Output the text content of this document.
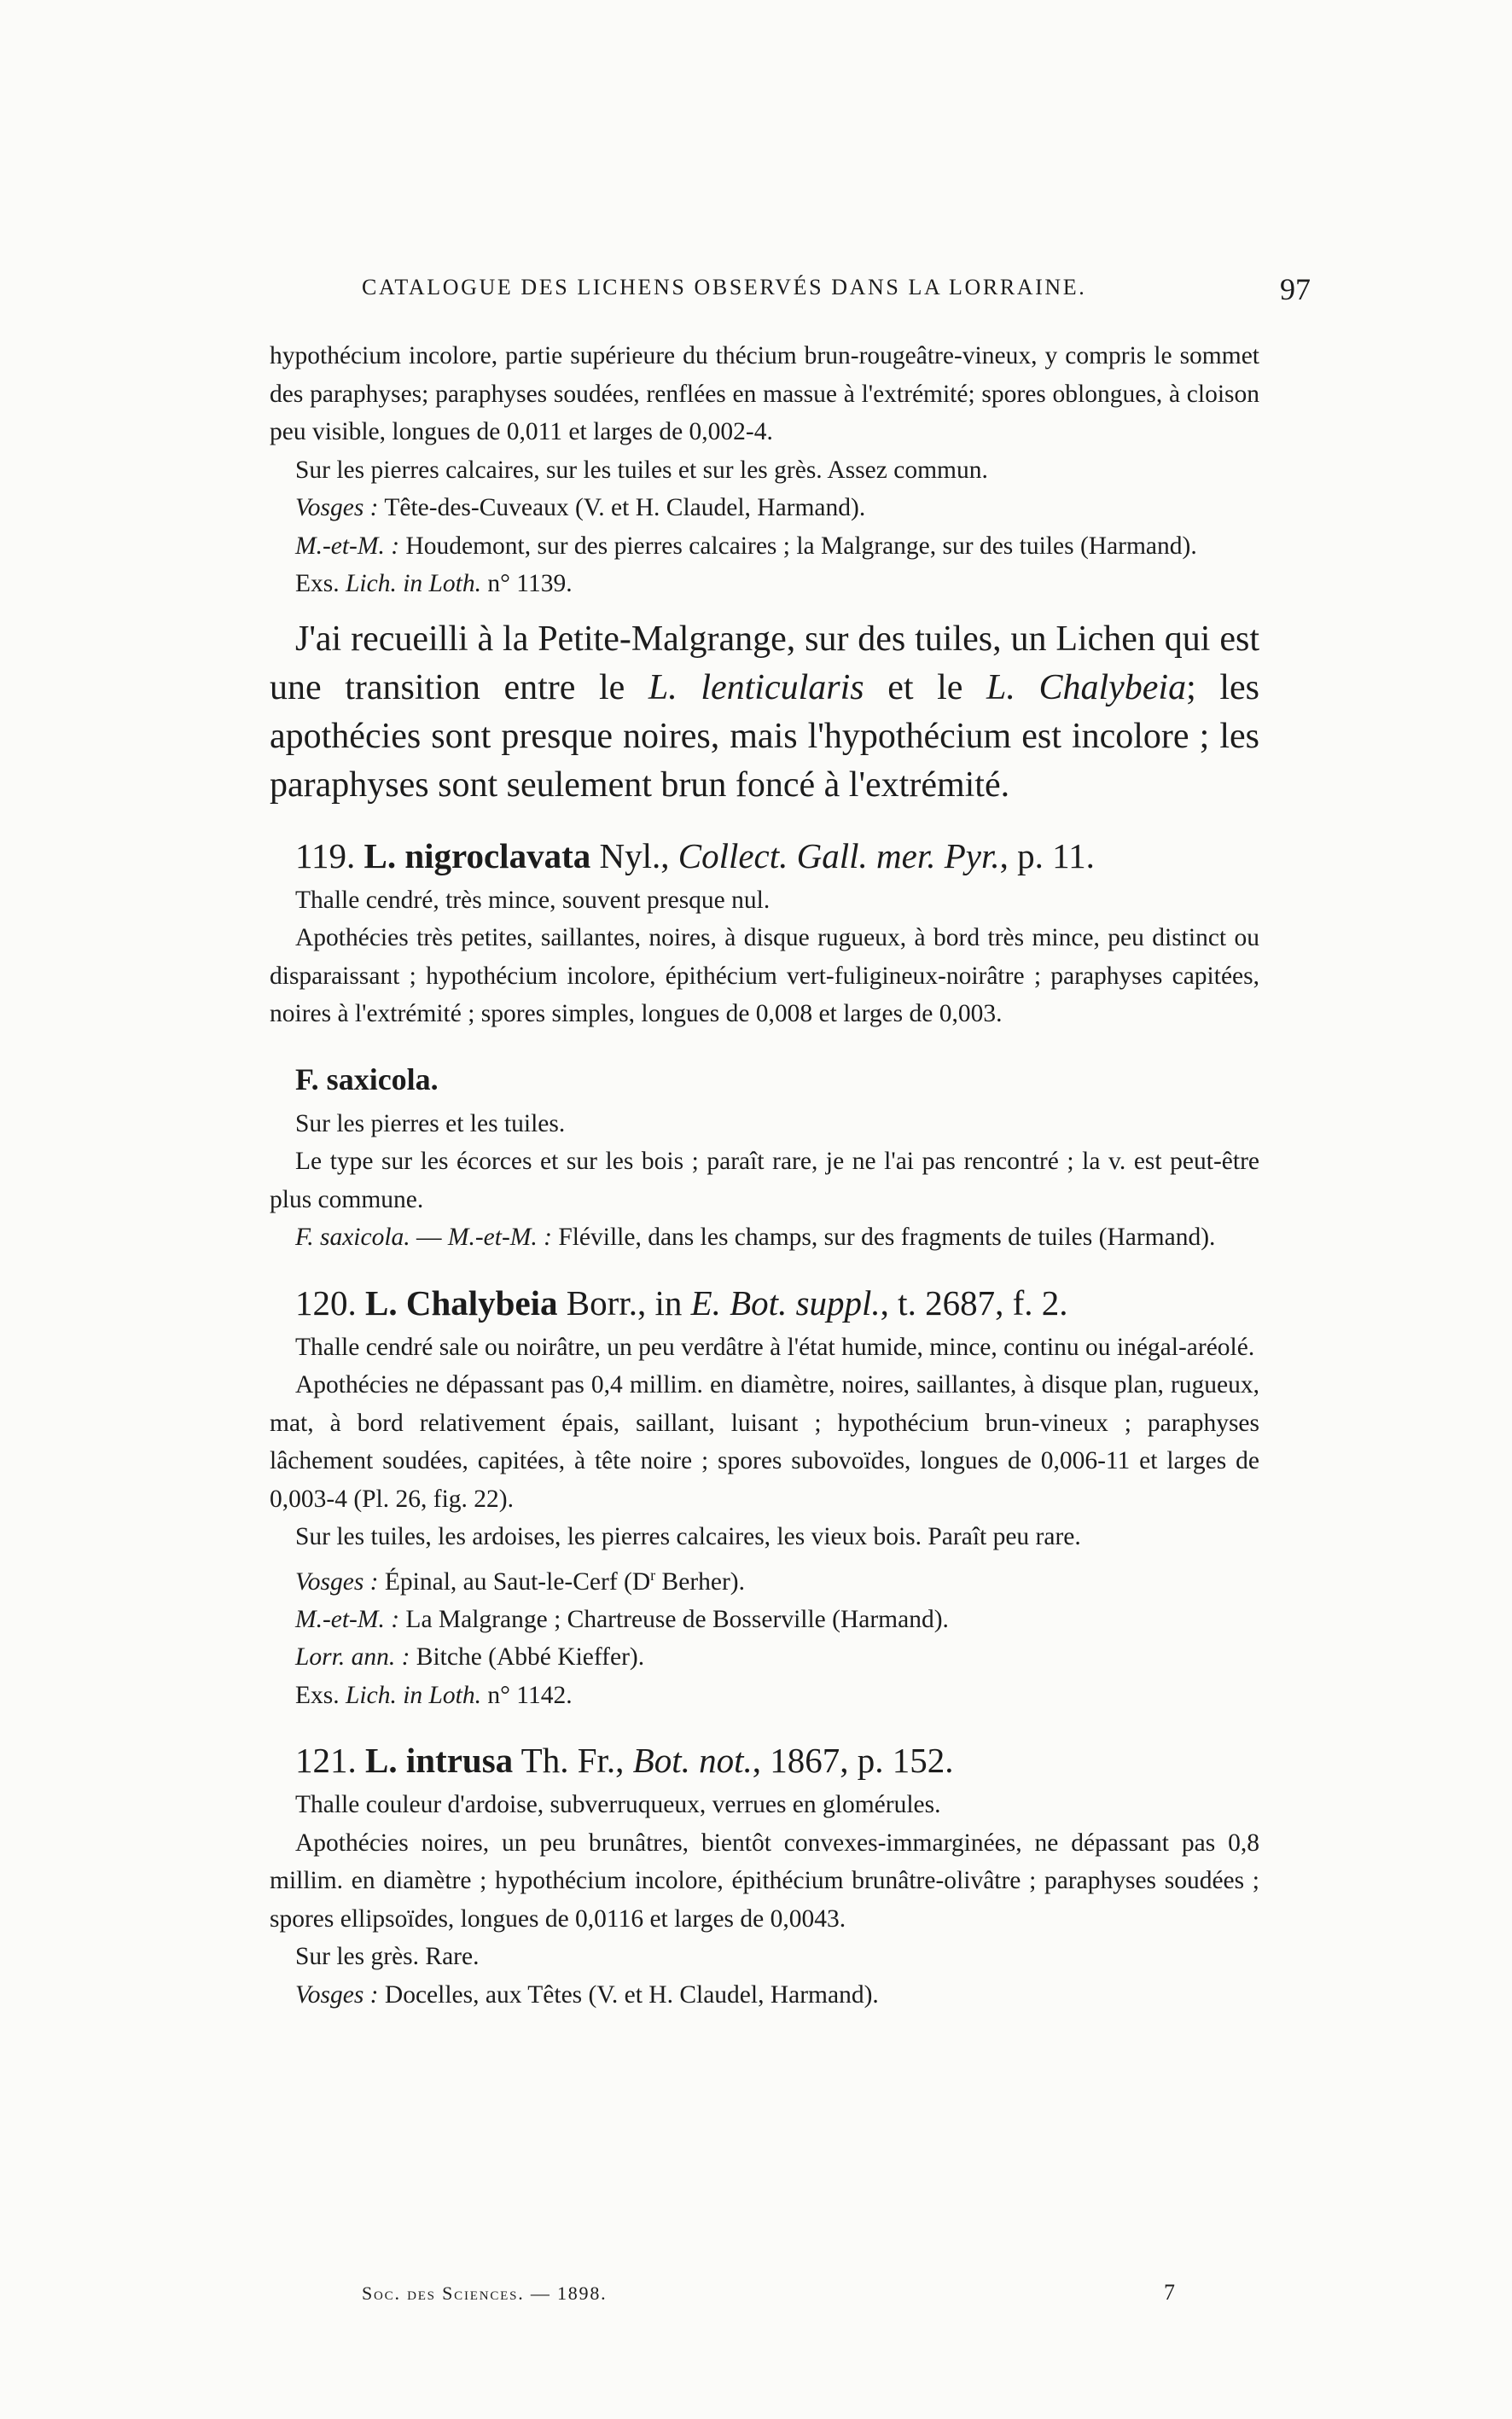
CATALOGUE DES LICHENS OBSERVÉS DANS LA LORRAINE.	97

hypothécium incolore, partie supérieure du thécium brun-rougeâtre-vineux, y compris le sommet des paraphyses; paraphyses soudées, renflées en massue à l'extrémité; spores oblongues, à cloison peu visible, longues de 0,011 et larges de 0,002-4.

Sur les pierres calcaires, sur les tuiles et sur les grès. Assez commun.

Vosges : Tête-des-Cuveaux (V. et H. Claudel, Harmand).

M.-et-M. : Houdemont, sur des pierres calcaires ; la Malgrange, sur des tuiles (Harmand).

Exs. Lich. in Loth. n° 1139.

J'ai recueilli à la Petite-Malgrange, sur des tuiles, un Lichen qui est une transition entre le L. lenticularis et le L. Chalybeia; les apothécies sont presque noires, mais l'hypothécium est incolore ; les paraphyses sont seulement brun foncé à l'extrémité.

119. L. nigroclavata Nyl., Collect. Gall. mer. Pyr., p. 11.

Thalle cendré, très mince, souvent presque nul.

Apothécies très petites, saillantes, noires, à disque rugueux, à bord très mince, peu distinct ou disparaissant ; hypothécium incolore, épithécium vert-fuligineux-noirâtre ; paraphyses capitées, noires à l'extrémité ; spores simples, longues de 0,008 et larges de 0,003.

F. saxicola.

Sur les pierres et les tuiles.

Le type sur les écorces et sur les bois ; paraît rare, je ne l'ai pas rencontré ; la v. est peut-être plus commune.

F. saxicola. — M.-et-M. : Fléville, dans les champs, sur des fragments de tuiles (Harmand).

120. L. Chalybeia Borr., in E. Bot. suppl., t. 2687, f. 2.

Thalle cendré sale ou noirâtre, un peu verdâtre à l'état humide, mince, continu ou inégal-aréolé.

Apothécies ne dépassant pas 0,4 millim. en diamètre, noires, saillantes, à disque plan, rugueux, mat, à bord relativement épais, saillant, luisant ; hypothécium brun-vineux ; paraphyses lâchement soudées, capitées, à tête noire ; spores subovoïdes, longues de 0,006-11 et larges de 0,003-4 (Pl. 26, fig. 22).

Sur les tuiles, les ardoises, les pierres calcaires, les vieux bois. Paraît peu rare.

Vosges : Épinal, au Saut-le-Cerf ($D^r$ Berher).

M.-et-M. : La Malgrange ; Chartreuse de Bosserville (Harmand).

Lorr. ann. : Bitche (Abbé Kieffer).

Exs. Lich. in Loth. n° 1142.

121. L. intrusa Th. Fr., Bot. not., 1867, p. 152.

Thalle couleur d'ardoise, subverruqueux, verrues en glomérules.

Apothécies noires, un peu brunâtres, bientôt convexes-immarginées, ne dépassant pas 0,8 millim. en diamètre ; hypothécium incolore, épithécium brunâtre-olivâtre ; paraphyses soudées ; spores ellipsoïdes, longues de 0,0116 et larges de 0,0043.

Sur les grès. Rare.

Vosges : Docelles, aux Têtes (V. et H. Claudel, Harmand).

Soc. des Sciences. — 1898.	7
